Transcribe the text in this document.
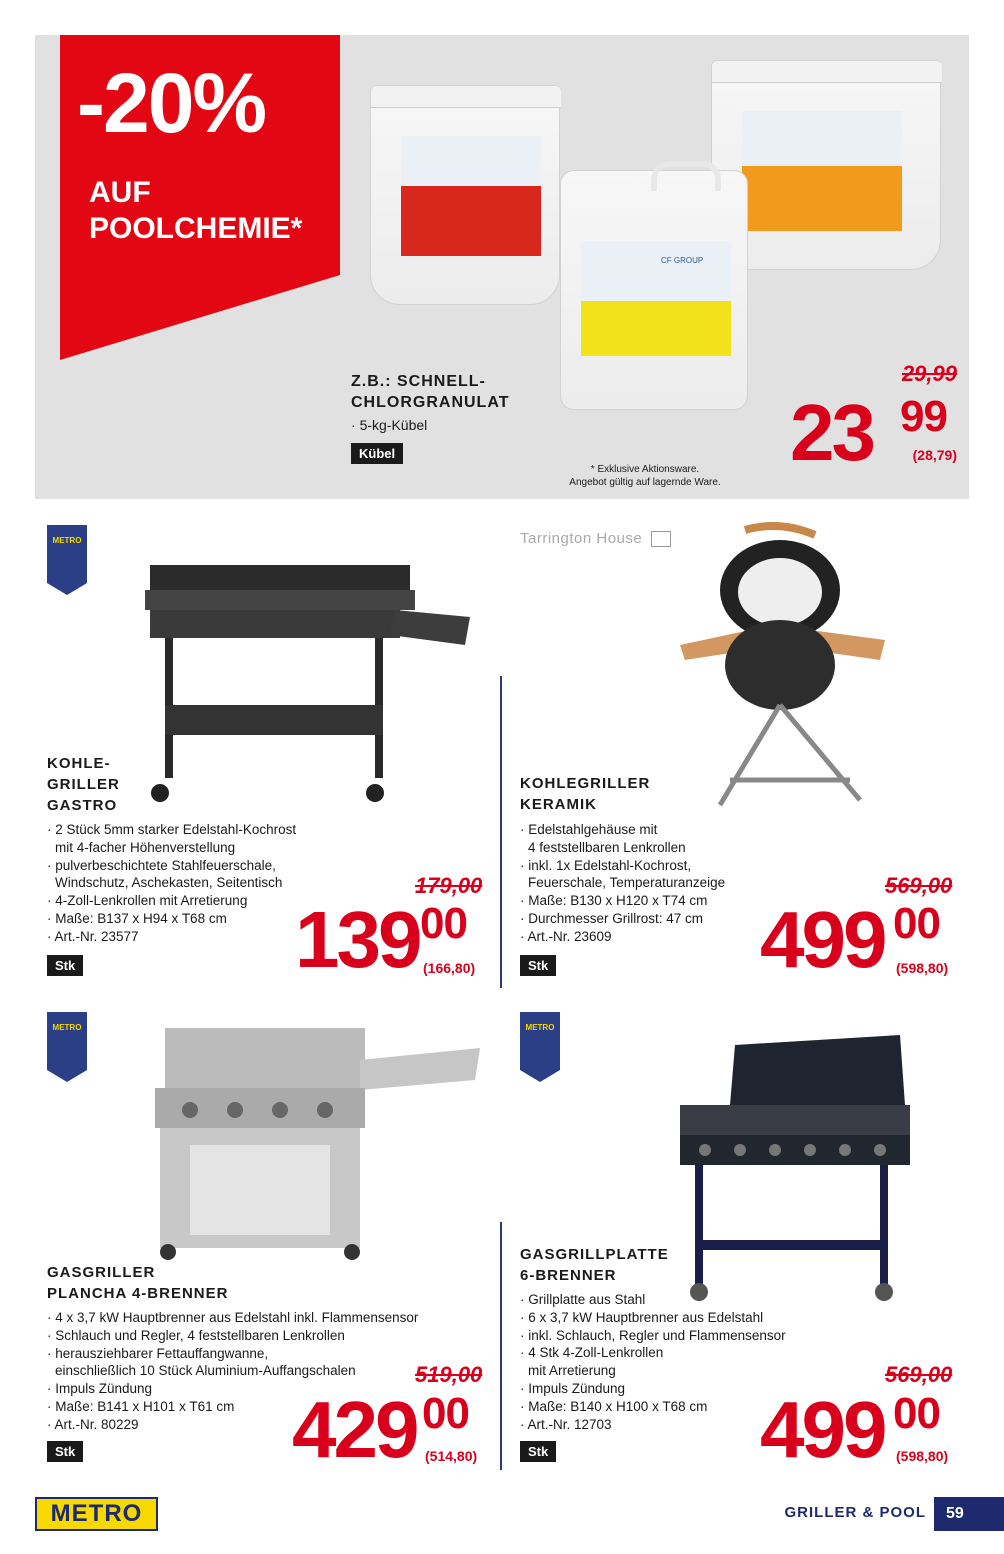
-20%
AUF
POOLCHEMIE*
CF GROUP
Z.B.: SCHNELL-
CHLORGRANULAT
· 5-kg-Kübel
Kübel
* Exklusive Aktionsware.
Angebot gültig auf lagernde Ware.
29,99
23 99
(28,79)
METRO
METRO	METRO
Tarrington House
KOHLE-
GRILLER
GASTRO
· 2 Stück 5mm starker Edelstahl-Kochrost
mit 4-facher Höhenverstellung
· pulverbeschichtete Stahlfeuerschale,
Windschutz, Aschekasten, Seitentisch
· 4-Zoll-Lenkrollen mit Arretierung
· Maße: B137 x H94 x T68 cm
· Art.-Nr. 23577
Stk
179,00
139 00
(166,80)
KOHLEGRILLER
KERAMIK
· Edelstahlgehäuse mit
4 feststellbaren Lenkrollen
· inkl. 1x Edelstahl-Kochrost,
Feuerschale, Temperaturanzeige
· Maße: B130 x H120 x T74 cm
· Durchmesser Grillrost: 47 cm
· Art.-Nr. 23609
Stk
569,00
499 00
(598,80)
GASGRILLER
PLANCHA 4-BRENNER
· 4 x 3,7 kW Hauptbrenner aus Edelstahl inkl. Flammensensor
· Schlauch und Regler, 4 feststellbaren Lenkrollen
· herausziehbarer Fettauffangwanne,
einschließlich 10 Stück Aluminium-Auffangschalen
· Impuls Zündung
· Maße: B141 x H101 x T61 cm
· Art.-Nr. 80229
Stk
519,00
429 00
(514,80)
GASGRILLPLATTE
6-BRENNER
· Grillplatte aus Stahl
· 6 x 3,7 kW Hauptbrenner aus Edelstahl
· inkl. Schlauch, Regler und Flammensensor
· 4 Stk 4-Zoll-Lenkrollen
mit Arretierung
· Impuls Zündung
· Maße: B140 x H100 x T68 cm
· Art.-Nr. 12703
Stk
569,00
499 00
(598,80)
METRO	GRILLER & POOL	59
